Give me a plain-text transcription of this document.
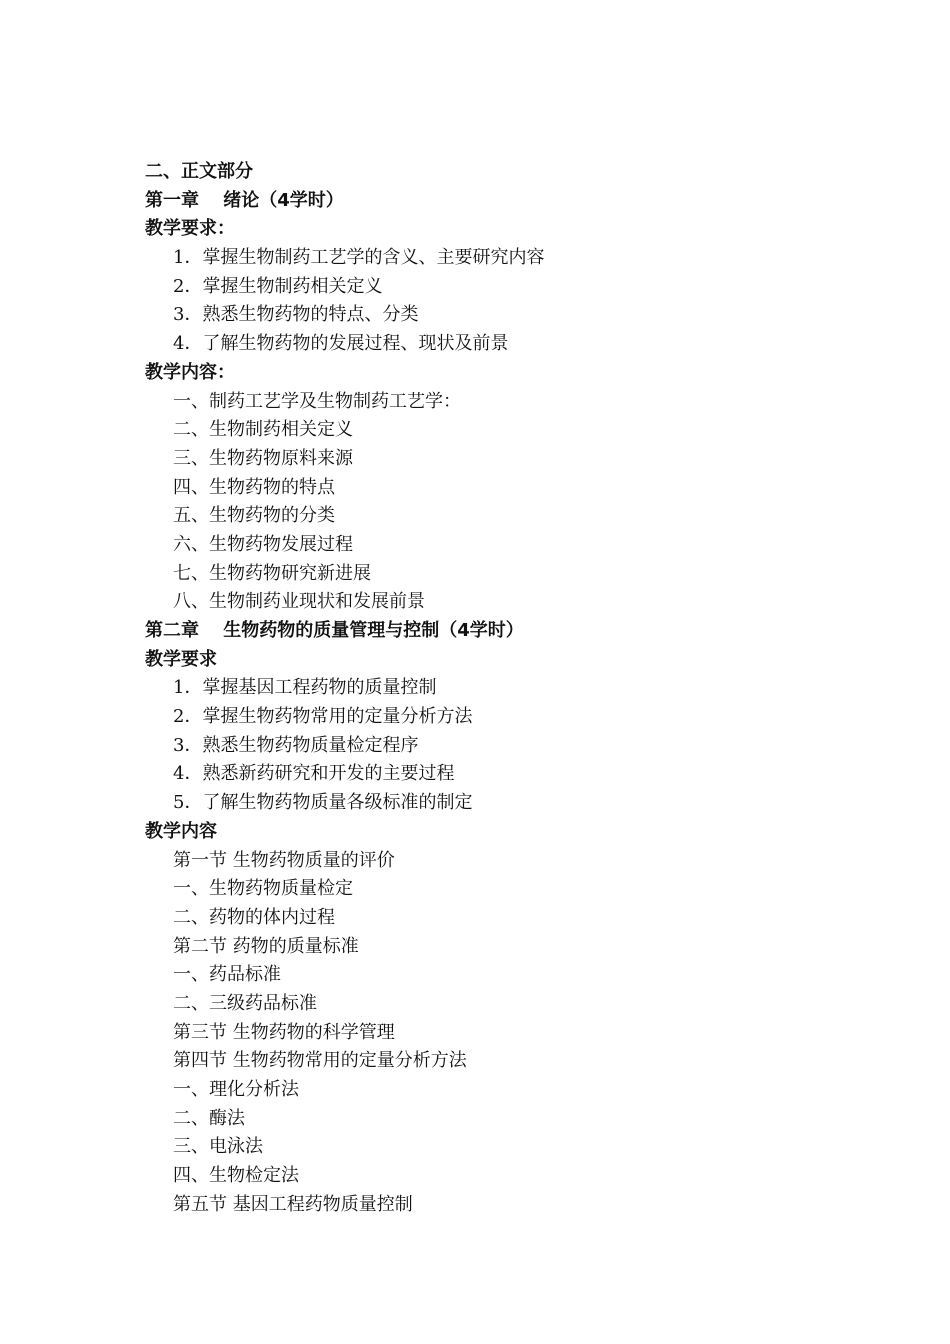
二、正文部分
第一章　 绪论（4学时）
教学要求：
1．掌握生物制药工艺学的含义、主要研究内容
2．掌握生物制药相关定义
3．熟悉生物药物的特点、分类
4．了解生物药物的发展过程、现状及前景
教学内容：
一、制药工艺学及生物制药工艺学：
二、生物制药相关定义
三、生物药物原料来源
四、生物药物的特点
五、生物药物的分类
六、生物药物发展过程
七、生物药物研究新进展
八、生物制药业现状和发展前景
第二章　 生物药物的质量管理与控制（4学时）
教学要求
1．掌握基因工程药物的质量控制
2．掌握生物药物常用的定量分析方法
3．熟悉生物药物质量检定程序
4．熟悉新药研究和开发的主要过程
5．了解生物药物质量各级标准的制定
教学内容
第一节 生物药物质量的评价
一、生物药物质量检定
二、药物的体内过程
第二节 药物的质量标准
一、药品标准
二、三级药品标准
第三节 生物药物的科学管理
第四节 生物药物常用的定量分析方法
一、理化分析法
二、酶法
三、电泳法
四、生物检定法
第五节 基因工程药物质量控制
